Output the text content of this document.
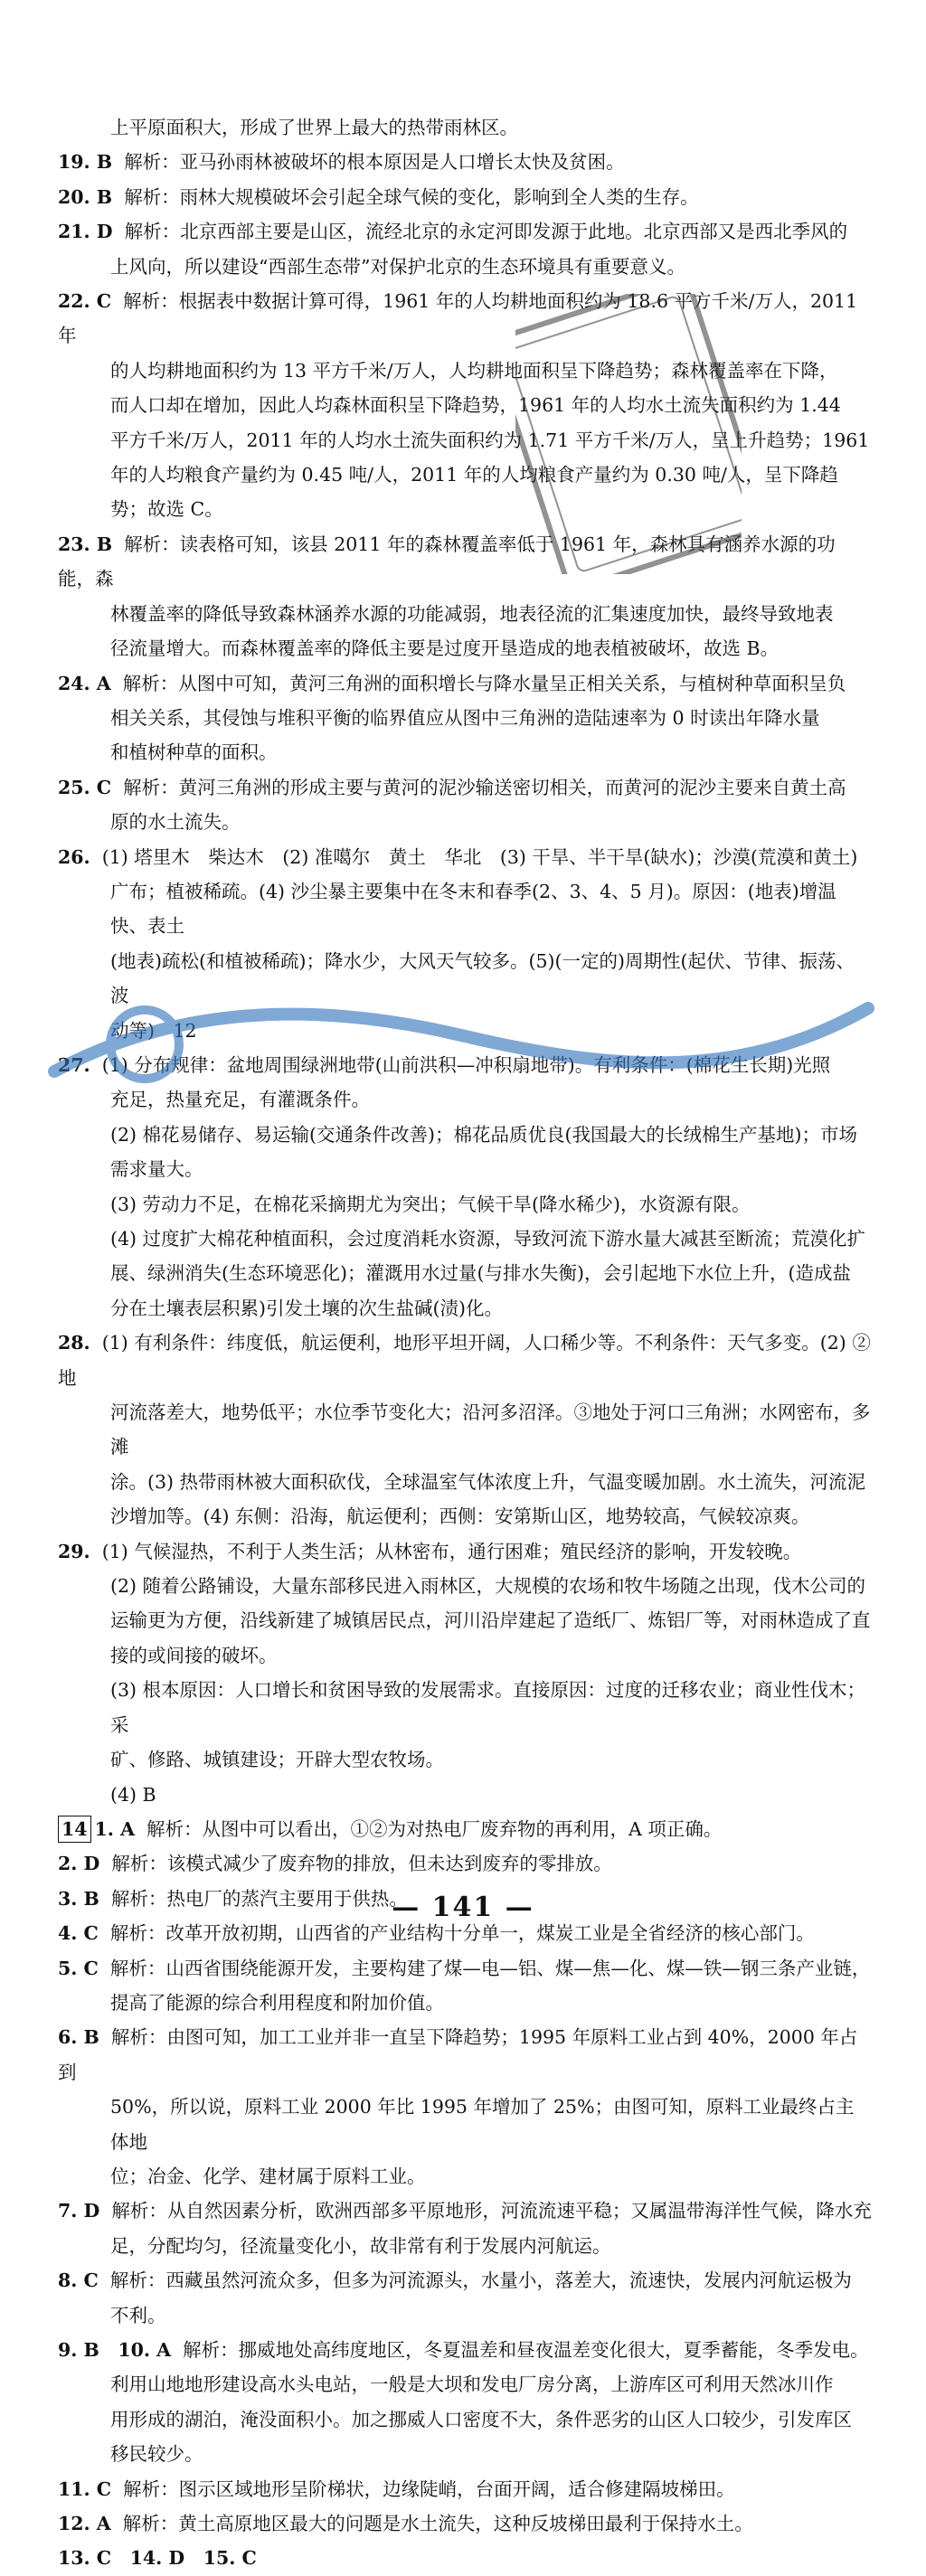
上平原面积大，形成了世界上最大的热带雨林区。

19. B 解析：亚马孙雨林被破坏的根本原因是人口增长太快及贫困。

20. B 解析：雨林大规模破坏会引起全球气候的变化，影响到全人类的生存。

21. D 解析：北京西部主要是山区，流经北京的永定河即发源于此地。北京西部又是西北季风的
上风向，所以建设“西部生态带”对保护北京的生态环境具有重要意义。

22. C 解析：根据表中数据计算可得，1961 年的人均耕地面积约为 18.6 平方千米/万人，2011 年
的人均耕地面积约为 13 平方千米/万人，人均耕地面积呈下降趋势；森林覆盖率在下降，
而人口却在增加，因此人均森林面积呈下降趋势，1961 年的人均水土流失面积约为 1.44
平方千米/万人，2011 年的人均水土流失面积约为 1.71 平方千米/万人，呈上升趋势；1961
年的人均粮食产量约为 0.45 吨/人，2011 年的人均粮食产量约为 0.30 吨/人，呈下降趋
势；故选 C。

23. B 解析：读表格可知，该县 2011 年的森林覆盖率低于 1961 年，森林具有涵养水源的功能，森
林覆盖率的降低导致森林涵养水源的功能减弱，地表径流的汇集速度加快，最终导致地表
径流量增大。而森林覆盖率的降低主要是过度开垦造成的地表植被破坏，故选 B。

24. A 解析：从图中可知，黄河三角洲的面积增长与降水量呈正相关关系，与植树种草面积呈负
相关关系，其侵蚀与堆积平衡的临界值应从图中三角洲的造陆速率为 0 时读出年降水量
和植树种草的面积。

25. C 解析：黄河三角洲的形成主要与黄河的泥沙输送密切相关，而黄河的泥沙主要来自黄土高
原的水土流失。

26. (1) 塔里木　柴达木　(2) 准噶尔　黄土　华北　(3) 干旱、半干旱(缺水)；沙漠(荒漠和黄土)
广布；植被稀疏。(4) 沙尘暴主要集中在冬末和春季(2、3、4、5 月)。原因：(地表)增温快、表土
(地表)疏松(和植被稀疏)；降水少，大风天气较多。(5)(一定的)周期性(起伏、节律、振荡、波
动等)　12

27. (1) 分布规律：盆地周围绿洲地带(山前洪积—冲积扇地带)。有利条件：(棉花生长期)光照
充足，热量充足，有灌溉条件。
(2) 棉花易储存、易运输(交通条件改善)；棉花品质优良(我国最大的长绒棉生产基地)；市场
需求量大。
(3) 劳动力不足，在棉花采摘期尤为突出；气候干旱(降水稀少)，水资源有限。
(4) 过度扩大棉花种植面积，会过度消耗水资源，导致河流下游水量大减甚至断流；荒漠化扩
展、绿洲消失(生态环境恶化)；灌溉用水过量(与排水失衡)，会引起地下水位上升，(造成盐
分在土壤表层积累)引发土壤的次生盐碱(渍)化。

28. (1) 有利条件：纬度低，航运便利，地形平坦开阔，人口稀少等。不利条件：天气多变。(2) ②地
河流落差大，地势低平；水位季节变化大；沿河多沼泽。③地处于河口三角洲；水网密布，多滩
涂。(3) 热带雨林被大面积砍伐，全球温室气体浓度上升，气温变暖加剧。水土流失，河流泥
沙增加等。(4) 东侧：沿海，航运便利；西侧：安第斯山区，地势较高，气候较凉爽。

29. (1) 气候湿热，不利于人类生活；从林密布，通行困难；殖民经济的影响，开发较晚。
(2) 随着公路铺设，大量东部移民进入雨林区，大规模的农场和牧牛场随之出现，伐木公司的
运输更为方便，沿线新建了城镇居民点，河川沿岸建起了造纸厂、炼铝厂等，对雨林造成了直
接的或间接的破坏。
(3) 根本原因：人口增长和贫困导致的发展需求。直接原因：过度的迁移农业；商业性伐木；采
矿、修路、城镇建设；开辟大型农牧场。
(4) B

14 1. A 解析：从图中可以看出，①②为对热电厂废弃物的再利用，A 项正确。

2. D 解析：该模式减少了废弃物的排放，但未达到废弃的零排放。

3. B 解析：热电厂的蒸汽主要用于供热。

4. C 解析：改革开放初期，山西省的产业结构十分单一，煤炭工业是全省经济的核心部门。

5. C 解析：山西省围绕能源开发，主要构建了煤—电—铝、煤—焦—化、煤—铁—钢三条产业链，
提高了能源的综合利用程度和附加价值。

6. B 解析：由图可知，加工工业并非一直呈下降趋势；1995 年原料工业占到 40%，2000 年占到
50%，所以说，原料工业 2000 年比 1995 年增加了 25%；由图可知，原料工业最终占主体地
位；冶金、化学、建材属于原料工业。

7. D 解析：从自然因素分析，欧洲西部多平原地形，河流流速平稳；又属温带海洋性气候，降水充
足，分配均匀，径流量变化小，故非常有利于发展内河航运。

8. C 解析：西藏虽然河流众多，但多为河流源头，水量小，落差大，流速快，发展内河航运极为
不利。

9. B　10. A 解析：挪威地处高纬度地区，冬夏温差和昼夜温差变化很大，夏季蓄能，冬季发电。
利用山地地形建设高水头电站，一般是大坝和发电厂房分离，上游库区可利用天然冰川作
用形成的湖泊，淹没面积小。加之挪威人口密度不大，条件恶劣的山区人口较少，引发库区
移民较少。

11. C 解析：图示区域地形呈阶梯状，边缘陡峭，台面开阔，适合修建隔坡梯田。

12. A 解析：黄土高原地区最大的问题是水土流失，这种反坡梯田最利于保持水土。

13. C　14. D　15. C

— 141 —
